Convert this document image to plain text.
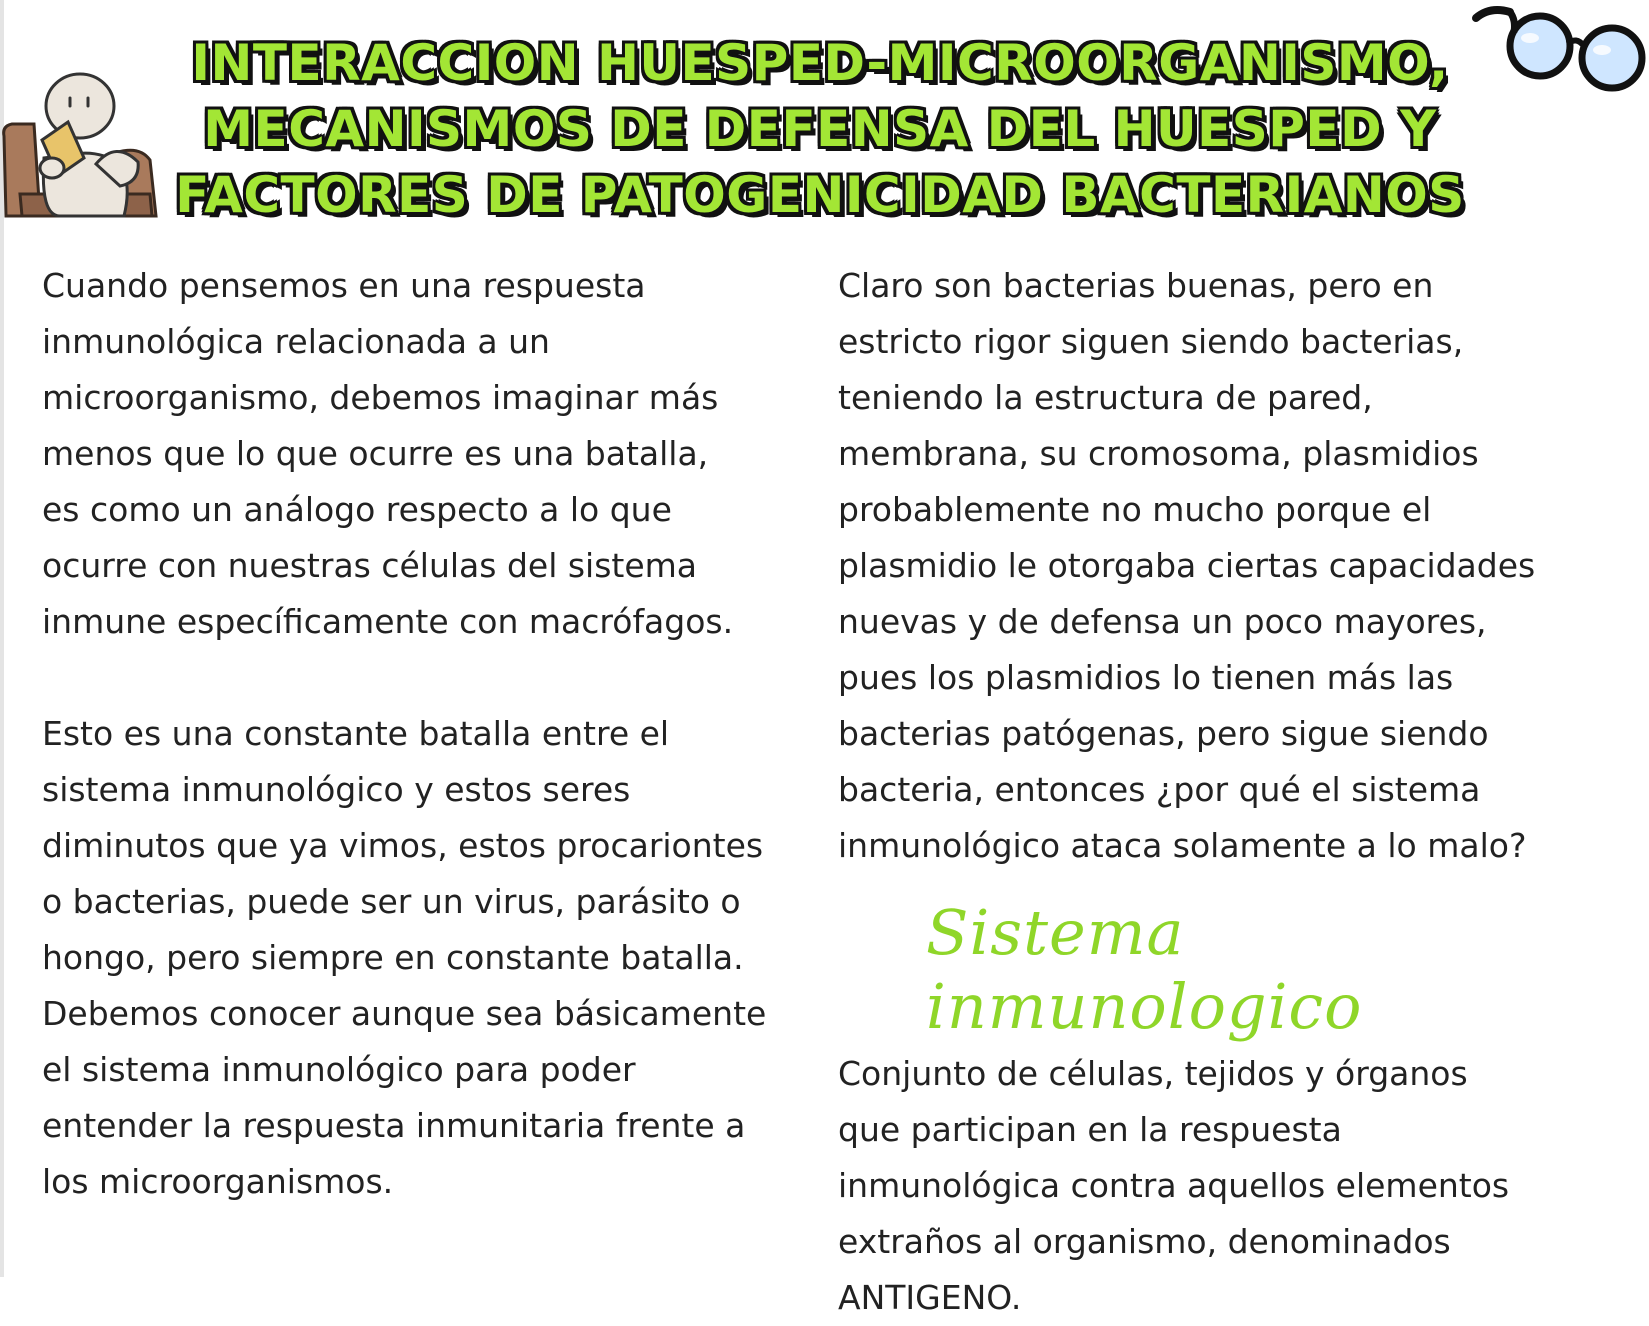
INTERACCION HUESPED-MICROORGANISMO,
MECANISMOS DE DEFENSA DEL HUESPED Y
FACTORES DE PATOGENICIDAD BACTERIANOS

Cuando pensemos en una respuesta
inmunológica relacionada a un
microorganismo, debemos imaginar más
menos que lo que ocurre es una batalla,
es como un análogo respecto a lo que
ocurre con nuestras células del sistema
inmune específicamente con macrófagos.

Esto es una constante batalla entre el
sistema inmunológico y estos seres
diminutos que ya vimos, estos procariontes
o bacterias, puede ser un virus, parásito o
hongo, pero siempre en constante batalla.
Debemos conocer aunque sea básicamente
el sistema inmunológico para poder
entender la respuesta inmunitaria frente a
los microorganismos.

Claro son bacterias buenas, pero en
estricto rigor siguen siendo bacterias,
teniendo la estructura de pared,
membrana, su cromosoma, plasmidios
probablemente no mucho porque el
plasmidio le otorgaba ciertas capacidades
nuevas y de defensa un poco mayores,
pues los plasmidios lo tienen más las
bacterias patógenas, pero sigue siendo
bacteria, entonces ¿por qué el sistema
inmunológico ataca solamente a lo malo?

Sistema inmunologico

Conjunto de células, tejidos y órganos
que participan en la respuesta
inmunológica contra aquellos elementos
extraños al organismo, denominados
ANTIGENO.
